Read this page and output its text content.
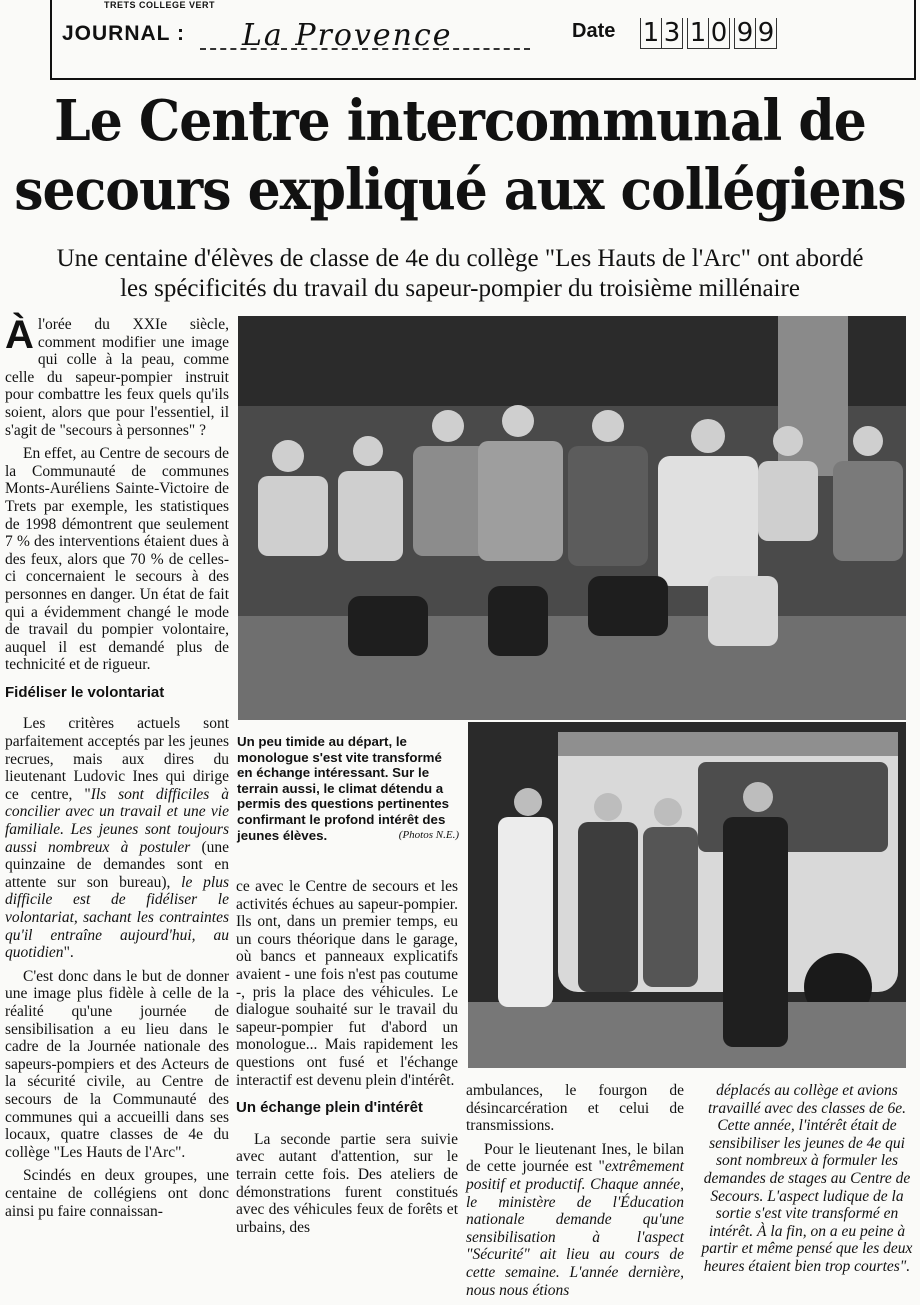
TRETS COLLEGE VERT
JOURNAL : La Provence	Date 1 3 1 0 9 9
Le Centre intercommunal de
secours expliqué aux collégiens
Une centaine d'élèves de classe de 4e du collège "Les Hauts de l'Arc" ont abordé
les spécificités du travail du sapeur-pompier du troisième millénaire

Àl'orée du XXIe siècle, comment modifier une image qui colle à la peau, comme celle du sapeur-pompier instruit pour combattre les feux quels qu'ils soient, alors que pour l'essentiel, il s'agit de "secours à personnes" ?

En effet, au Centre de secours de la Communauté de communes Monts-Auréliens Sainte-Victoire de Trets par exemple, les statistiques de 1998 démontrent que seulement 7 % des interventions étaient dues à des feux, alors que 70 % de celles-ci concernaient le secours à des personnes en danger. Un état de fait qui a évidemment changé le mode de travail du pompier volontaire, auquel il est demandé plus de technicité et de rigueur.

Fidéliser le volontariat

Les critères actuels sont parfaitement acceptés par les jeunes recrues, mais aux dires du lieutenant Ludovic Ines qui dirige ce centre, "Ils sont difficiles à concilier avec un travail et une vie familiale. Les jeunes sont toujours aussi nombreux à postuler (une quinzaine de demandes sont en attente sur son bureau), le plus difficile est de fidéliser le volontariat, sachant les contraintes qu'il entraîne aujourd'hui, au quotidien".

C'est donc dans le but de donner une image plus fidèle à celle de la réalité qu'une journée de sensibilisation a eu lieu dans le cadre de la Journée nationale des sapeurs-pompiers et des Acteurs de la sécurité civile, au Centre de secours de la Communauté des communes qui a accueilli dans ses locaux, quatre classes de 4e du collège "Les Hauts de l'Arc".

Scindés en deux groupes, une centaine de collégiens ont donc ainsi pu faire connaissan-

Un peu timide au départ, le monologue s'est vite transformé en échange intéressant. Sur le terrain aussi, le climat détendu a permis des questions pertinentes confirmant le profond intérêt des jeunes élèves.	(Photos N.E.)

ce avec le Centre de secours et les activités échues au sapeur-pompier. Ils ont, dans un premier temps, eu un cours théorique dans le garage, où bancs et panneaux explicatifs avaient - une fois n'est pas coutume -, pris la place des véhicules. Le dialogue souhaité sur le travail du sapeur-pompier fut d'abord un monologue... Mais rapidement les questions ont fusé et l'échange interactif est devenu plein d'intérêt.

Un échange plein d'intérêt

La seconde partie sera suivie avec autant d'attention, sur le terrain cette fois. Des ateliers de démonstrations furent constitués avec des véhicules feux de forêts et urbains, des

ambulances, le fourgon de désincarcération et celui de transmissions.

Pour le lieutenant Ines, le bilan de cette journée est "extrêmement positif et productif. Chaque année, le ministère de l'Éducation nationale demande qu'une sensibilisation à l'aspect "Sécurité" ait lieu au cours de cette semaine. L'année dernière, nous nous étions

déplacés au collège et avions travaillé avec des classes de 6e. Cette année, l'intérêt était de sensibiliser les jeunes de 4e qui sont nombreux à formuler les demandes de stages au Centre de Secours. L'aspect ludique de la sortie s'est vite transformé en intérêt. À la fin, on a eu peine à partir et même pensé que les deux heures étaient bien trop courtes".
